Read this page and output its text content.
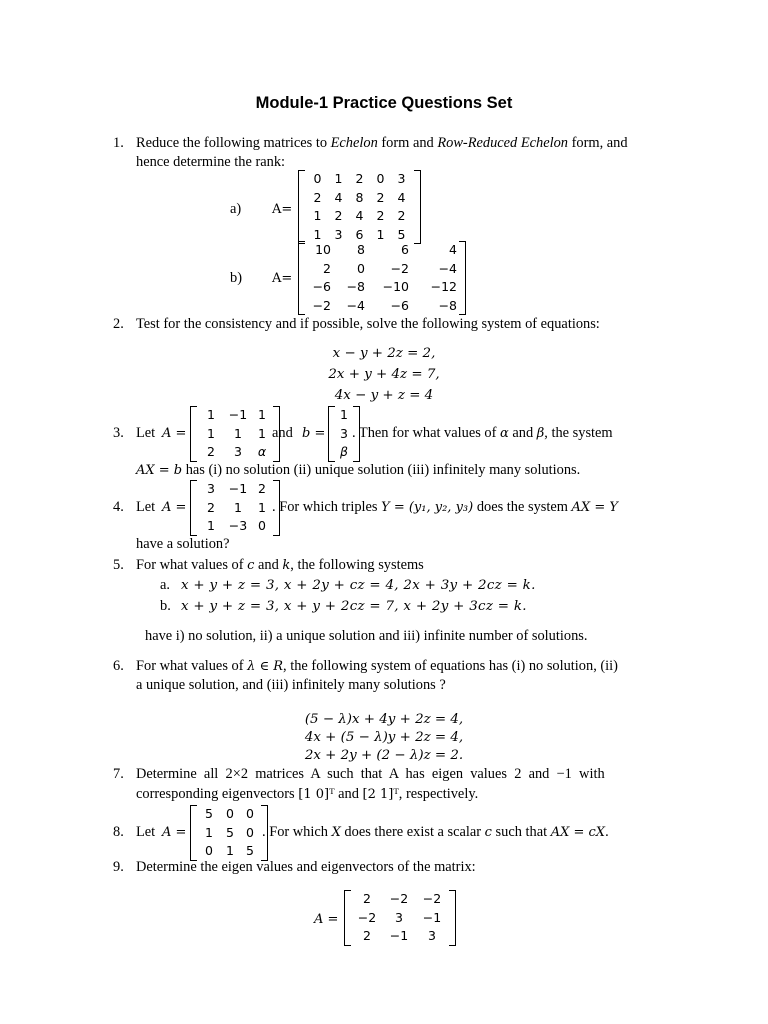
Module-1 Practice Questions Set
1. Reduce the following matrices to Echelon form and Row-Reduced Echelon form, and
hence determine the rank:
a) A=
0	1	2	0	3
2	4	8	2	4
1	2	4	2	2
1	3	6	1	5
b) A=
10	8	6	4
2	0	−2	−4
−6	−8	−10	−12
−2	−4	−6	−8
2. Test for the consistency and if possible, solve the following system of equations:
x − y + 2z = 2,
2x + y + 4z = 7,
4x − y + z = 4
3. Let A =
1	−1 1
1	1	1
2	3	α
and b =
1
3
β
. Then for what values of α and β, the system
AX = b has (i) no solution (ii) unique solution (iii) infinitely many solutions.
4. Let A =
3	−1 2
2	1	1
1	−3 0
. For which triples Y = (y₁, y₂, y₃) does the system AX = Y
have a solution?
5. For what values of c and k, the following systems
a. x + y + z = 3, x + 2y + cz = 4, 2x + 3y + 2cz = k.
b. x + y + z = 3, x + y + 2cz = 7, x + 2y + 3cz = k.
have i) no solution, ii) a unique solution and iii) infinite number of solutions.
6. For what values of λ ∈ R, the following system of equations has (i) no solution, (ii)
a unique solution, and (iii) infinitely many solutions ?
(5 − λ)x + 4y + 2z = 4,
4x + (5 − λ)y + 2z = 4,
2x + 2y + (2 − λ)z = 2.
7. Determine  all  2×2  matrices  A  such  that  A  has  eigen  values  2  and  −1  with
corresponding eigenvectors [1 0]ᵀ and [2 1]ᵀ, respectively.
8. Let A =
5	0 0
1	5 0
0	1 5
. For which X does there exist a scalar c such that AX = cX.
9. Determine the eigen values and eigenvectors of the matrix:
A =
2	−2	−2
−2	3	−1
2	−1	3
